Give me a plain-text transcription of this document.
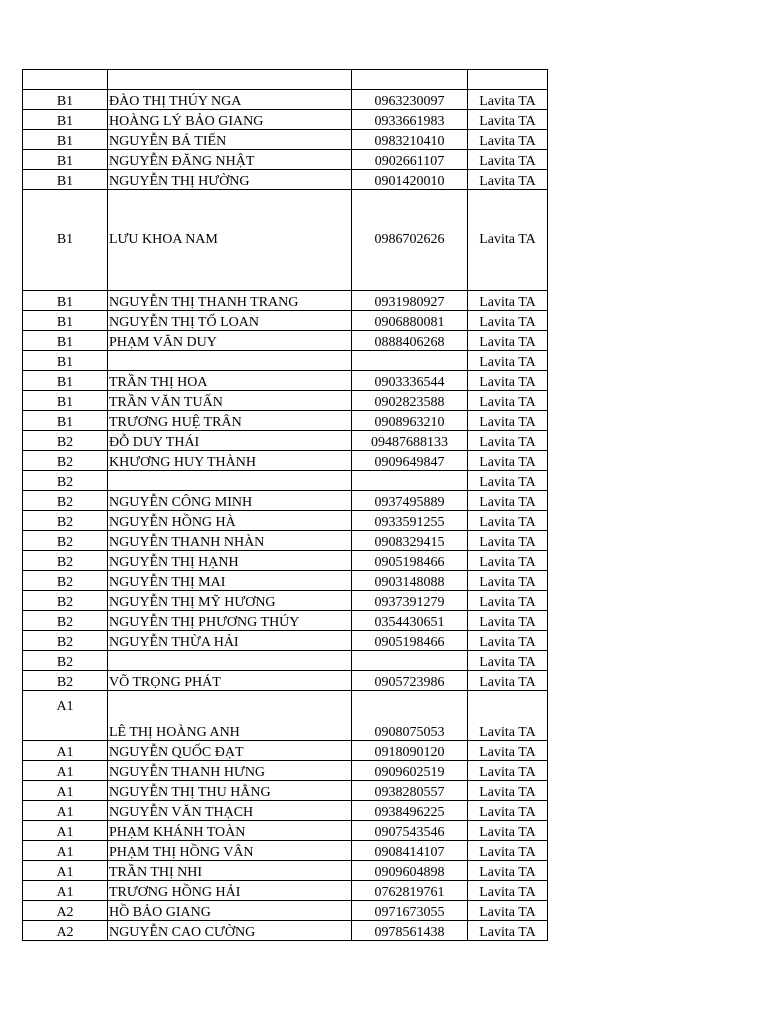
B1	ĐÀO THỊ THÚY NGA	0963230097	Lavita TA
B1	HOÀNG LÝ BẢO GIANG	0933661983	Lavita TA
B1	NGUYỄN BÁ TIẾN	0983210410	Lavita TA
B1	NGUYỄN ĐĂNG NHẬT	0902661107	Lavita TA
B1	NGUYỄN THỊ HƯỜNG	0901420010	Lavita TA
B1	LƯU KHOA NAM	0986702626	Lavita TA
B1	NGUYỄN THỊ THANH TRANG	0931980927	Lavita TA
B1	NGUYỄN THỊ TỐ LOAN	0906880081	Lavita TA
B1	PHẠM VĂN DUY	0888406268	Lavita TA
B1			Lavita TA
B1	TRẦN THỊ HOA	0903336544	Lavita TA
B1	TRẦN VĂN TUẤN	0902823588	Lavita TA
B1	TRƯƠNG HUỆ TRÂN	0908963210	Lavita TA
B2	ĐỖ DUY THÁI	09487688133	Lavita TA
B2	KHƯƠNG HUY THÀNH	0909649847	Lavita TA
B2			Lavita TA
B2	NGUYỄN CÔNG MINH	0937495889	Lavita TA
B2	NGUYỄN HỒNG HÀ	0933591255	Lavita TA
B2	NGUYỄN THANH NHÀN	0908329415	Lavita TA
B2	NGUYỄN THỊ HẠNH	0905198466	Lavita TA
B2	NGUYỄN THỊ MAI	0903148088	Lavita TA
B2	NGUYỄN THỊ MỸ HƯƠNG	0937391279	Lavita TA
B2	NGUYỄN THỊ PHƯƠNG THÚY	0354430651	Lavita TA
B2	NGUYỄN THỪA HẢI	0905198466	Lavita TA
B2			Lavita TA
B2	VÕ TRỌNG PHÁT	0905723986	Lavita TA
A1	LÊ THỊ HOÀNG ANH	0908075053	Lavita TA
A1	NGUYỄN QUỐC ĐẠT	0918090120	Lavita TA
A1	NGUYỄN THANH HƯNG	0909602519	Lavita TA
A1	NGUYỄN THỊ THU HẰNG	0938280557	Lavita TA
A1	NGUYỄN VĂN THẠCH	0938496225	Lavita TA
A1	PHẠM KHÁNH TOÀN	0907543546	Lavita TA
A1	PHẠM THỊ HỒNG VÂN	0908414107	Lavita TA
A1	TRẦN THỊ NHI	0909604898	Lavita TA
A1	TRƯƠNG HỒNG HẢI	0762819761	Lavita TA
A2	HỒ BẢO GIANG	0971673055	Lavita TA
A2	NGUYỄN CAO CƯỜNG	0978561438	Lavita TA
